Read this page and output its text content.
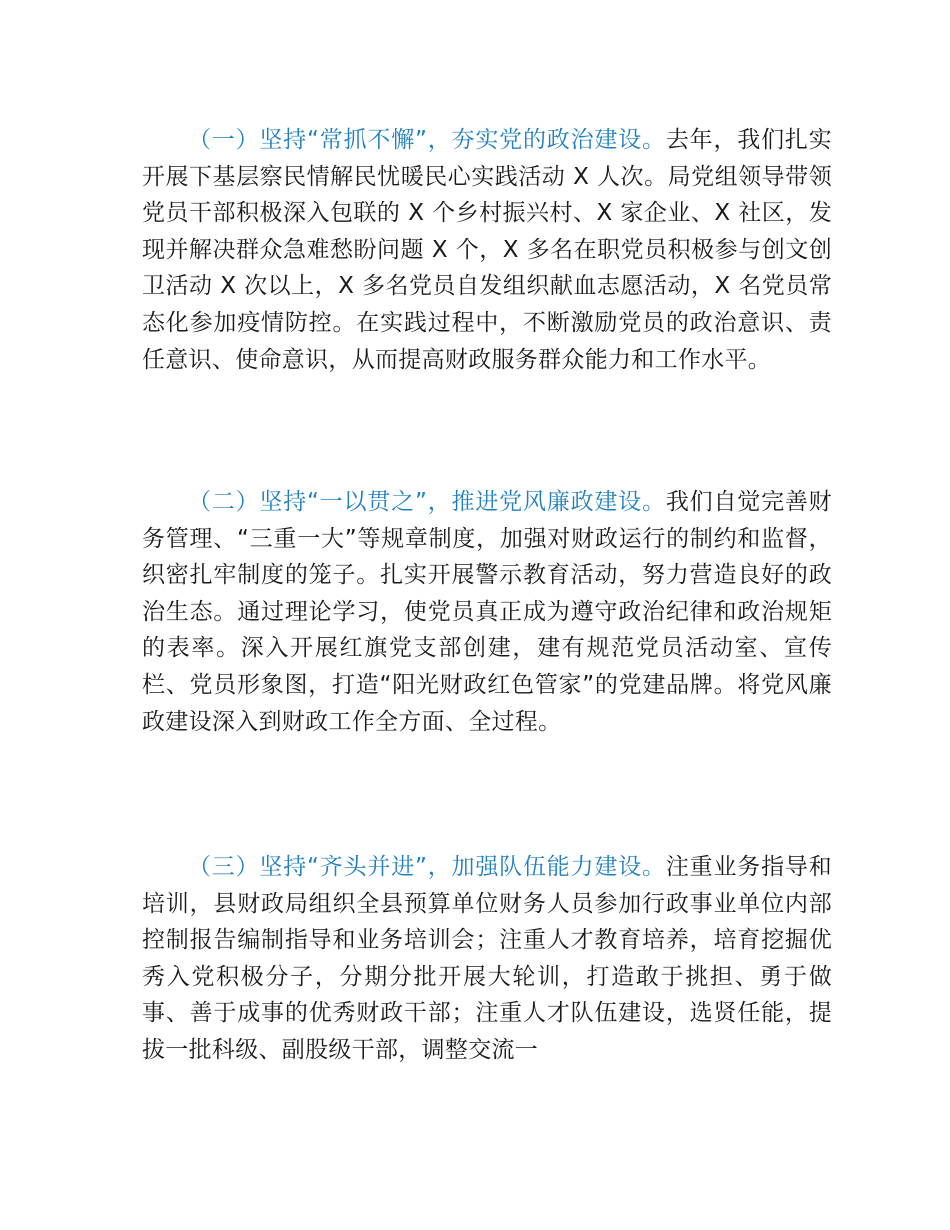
（一）坚持“常抓不懈”，夯实党的政治建设。去年，我们扎实开展下基层察民情解民忧暖民心实践活动 X 人次。局党组领导带领党员干部积极深入包联的 X 个乡村振兴村、X 家企业、X 社区，发现并解决群众急难愁盼问题 X 个，X 多名在职党员积极参与创文创卫活动 X 次以上，X 多名党员自发组织献血志愿活动，X 名党员常态化参加疫情防控。在实践过程中，不断激励党员的政治意识、责任意识、使命意识，从而提高财政服务群众能力和工作水平。

（二）坚持“一以贯之”，推进党风廉政建设。我们自觉完善财务管理、“三重一大”等规章制度，加强对财政运行的制约和监督，织密扎牢制度的笼子。扎实开展警示教育活动，努力营造良好的政治生态。通过理论学习，使党员真正成为遵守政治纪律和政治规矩的表率。深入开展红旗党支部创建，建有规范党员活动室、宣传栏、党员形象图，打造“阳光财政红色管家”的党建品牌。将党风廉政建设深入到财政工作全方面、全过程。

（三）坚持“齐头并进”，加强队伍能力建设。注重业务指导和培训，县财政局组织全县预算单位财务人员参加行政事业单位内部控制报告编制指导和业务培训会；注重人才教育培养，培育挖掘优秀入党积极分子，分期分批开展大轮训，打造敢于挑担、勇于做事、善于成事的优秀财政干部；注重人才队伍建设，选贤任能，提拔一批科级、副股级干部，调整交流一
